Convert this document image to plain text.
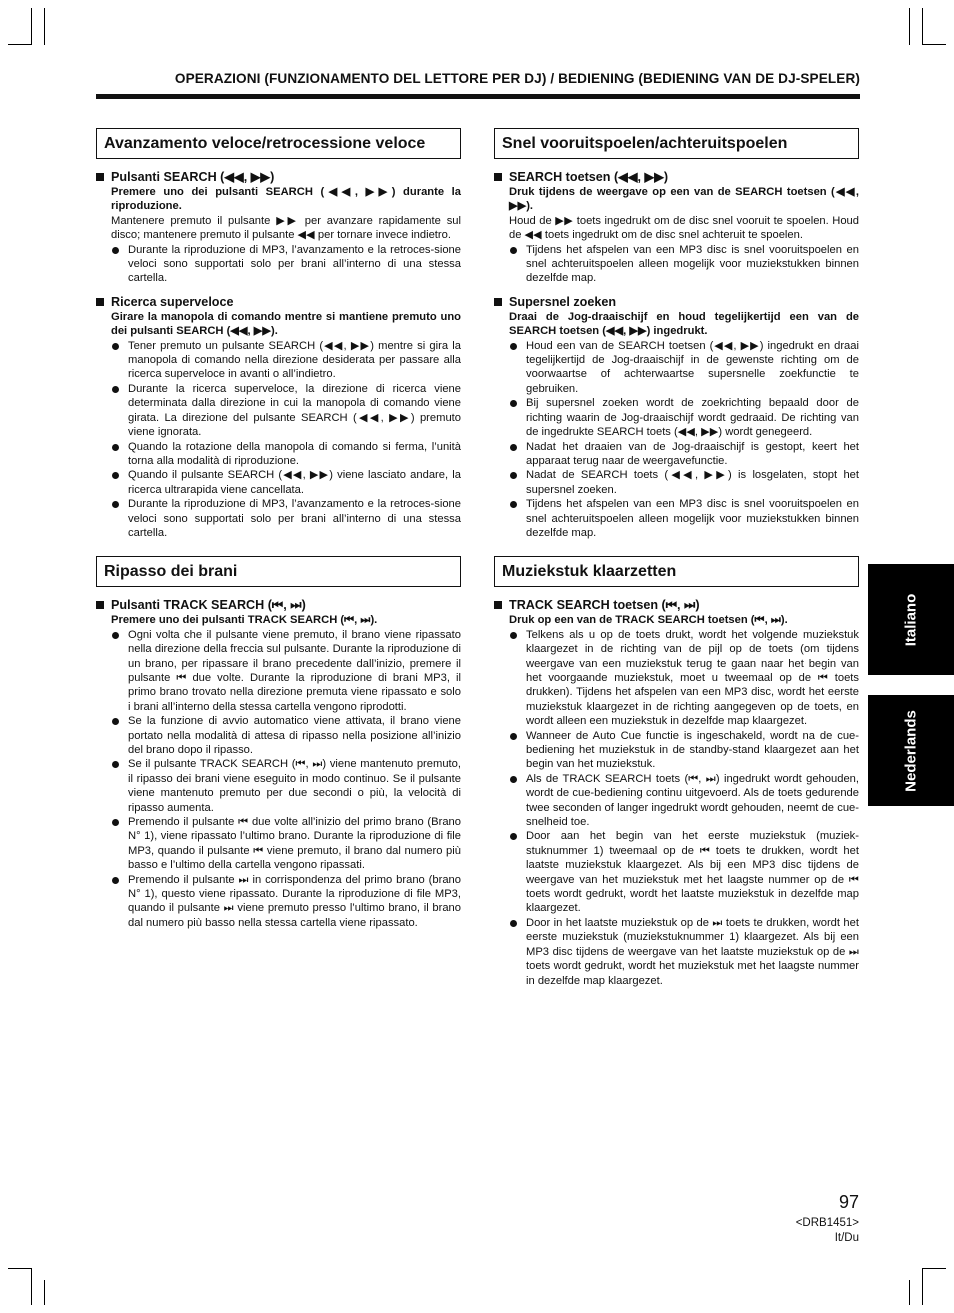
OPERAZIONI (FUNZIONAMENTO DEL LETTORE PER DJ) / BEDIENING (BEDIENING VAN DE DJ-SPELER)
Avanzamento veloce/retrocessione veloce
Pulsanti SEARCH (◀◀, ▶▶)
Premere uno dei pulsanti SEARCH (◀◀, ▶▶) durante la riproduzione.
Mantenere premuto il pulsante ▶▶ per avanzare rapidamente sul disco; mantenere premuto il pulsante ◀◀ per tornare invece indietro.
Durante la riproduzione di MP3, l’avanzamento e la retroces-sione veloci sono supportati solo per brani all’interno di una stessa cartella.
Ricerca superveloce
Girare la manopola di comando mentre si mantiene premuto uno dei pulsanti SEARCH (◀◀, ▶▶).
Tener premuto un pulsante SEARCH (◀◀, ▶▶) mentre si gira la manopola di comando nella direzione desiderata per passare alla ricerca superveloce in avanti o all’indietro.
Durante la ricerca superveloce, la direzione di ricerca viene determinata dalla direzione in cui la manopola di comando viene girata. La direzione del pulsante SEARCH (◀◀, ▶▶) premuto viene ignorata.
Quando la rotazione della manopola di comando si ferma, l’unità torna alla modalità di riproduzione.
Quando il pulsante SEARCH (◀◀, ▶▶) viene lasciato andare, la ricerca ultrarapida viene cancellata.
Durante la riproduzione di MP3, l’avanzamento e la retroces-sione veloci sono supportati solo per brani all’interno di una stessa cartella.
Ripasso dei brani
Pulsanti TRACK SEARCH (⏮, ⏭)
Premere uno dei pulsanti TRACK SEARCH (⏮, ⏭).
Ogni volta che il pulsante viene premuto, il brano viene ripassato nella direzione della freccia sul pulsante. Durante la riproduzione di un brano, per ripassare il brano precedente dall’inizio, premere il pulsante ⏮ due volte. Durante la riproduzione di brani MP3, il primo brano trovato nella direzione premuta viene ripassato e solo i brani all’interno della stessa cartella vengono riprodotti.
Se la funzione di avvio automatico viene attivata, il brano viene portato nella modalità di attesa di ripasso nella posizione all’inizio del brano dopo il ripasso.
Se il pulsante TRACK SEARCH (⏮, ⏭) viene mantenuto premuto, il ripasso dei brani viene eseguito in modo continuo. Se il pulsante viene mantenuto premuto per due secondi o più, la velocità di ripasso aumenta.
Premendo il pulsante ⏮ due volte all’inizio del primo brano (Brano N° 1), viene ripassato l’ultimo brano. Durante la riproduzione di file MP3, quando il pulsante ⏮ viene premuto, il brano dal numero più basso e l’ultimo della cartella vengono ripassati.
Premendo il pulsante ⏭ in corrispondenza del primo brano (brano N° 1), questo viene ripassato. Durante la riproduzione di file MP3, quando il pulsante ⏭ viene premuto presso l’ultimo brano, il brano dal numero più basso nella stessa cartella viene ripassato.
Snel vooruitspoelen/achteruitspoelen
SEARCH toetsen (◀◀, ▶▶)
Druk tijdens de weergave op een van de SEARCH toetsen (◀◀, ▶▶).
Houd de ▶▶ toets ingedrukt om de disc snel vooruit te spoelen. Houd de ◀◀ toets ingedrukt om de disc snel achteruit te spoelen.
Tijdens het afspelen van een MP3 disc is snel vooruitspoelen en snel achteruitspoelen alleen mogelijk voor muziekstukken binnen dezelfde map.
Supersnel zoeken
Draai de Jog-draaischijf en houd tegelijkertijd een van de SEARCH toetsen (◀◀, ▶▶) ingedrukt.
Houd een van de SEARCH toetsen (◀◀, ▶▶) ingedrukt en draai tegelijkertijd de Jog-draaischijf in de gewenste richting om de voorwaartse of achterwaartse supersnelle zoekfunctie te gebruiken.
Bij supersnel zoeken wordt de zoekrichting bepaald door de richting waarin de Jog-draaischijf wordt gedraaid. De richting van de ingedrukte SEARCH toets (◀◀, ▶▶) wordt genegeerd.
Nadat het draaien van de Jog-draaischijf is gestopt, keert het apparaat terug naar de weergavefunctie.
Nadat de SEARCH toets (◀◀, ▶▶) is losgelaten, stopt het supersnel zoeken.
Tijdens het afspelen van een MP3 disc is snel vooruitspoelen en snel achteruitspoelen alleen mogelijk voor muziekstukken binnen dezelfde map.
Muziekstuk klaarzetten
TRACK SEARCH toetsen (⏮, ⏭)
Druk op een van de TRACK SEARCH toetsen (⏮, ⏭).
Telkens als u op de toets drukt, wordt het volgende muziekstuk klaargezet in de richting van de pijl op de toets (om tijdens weergave van een muziekstuk terug te gaan naar het begin van het voorgaande muziekstuk, moet u tweemaal op de ⏮ toets drukken). Tijdens het afspelen van een MP3 disc, wordt het eerste muziekstuk klaargezet in de richting aangegeven op de toets, en wordt alleen een muziekstuk in dezelfde map klaargezet.
Wanneer de Auto Cue functie is ingeschakeld, wordt na de cue-bediening het muziekstuk in de standby-stand klaargezet aan het begin van het muziekstuk.
Als de TRACK SEARCH toets (⏮, ⏭) ingedrukt wordt gehouden, wordt de cue-bediening continu uitgevoerd. Als de toets gedurende twee seconden of langer ingedrukt wordt gehouden, neemt de cue-snelheid toe.
Door aan het begin van het eerste muziekstuk (muziek-stuknummer 1) tweemaal op de ⏮ toets te drukken, wordt het laatste muziekstuk klaargezet. Als bij een MP3 disc tijdens de weergave van het muziekstuk met het laagste nummer op de ⏮ toets wordt gedrukt, wordt het laatste muziekstuk in dezelfde map klaargezet.
Door in het laatste muziekstuk op de ⏭ toets te drukken, wordt het eerste muziekstuk (muziekstuknummer 1) klaargezet. Als bij een MP3 disc tijdens de weergave van het laatste muziekstuk op de ⏭ toets wordt gedrukt, wordt het muziekstuk met het laagste nummer in dezelfde map klaargezet.
Italiano
Nederlands
97
<DRB1451>
It/Du
